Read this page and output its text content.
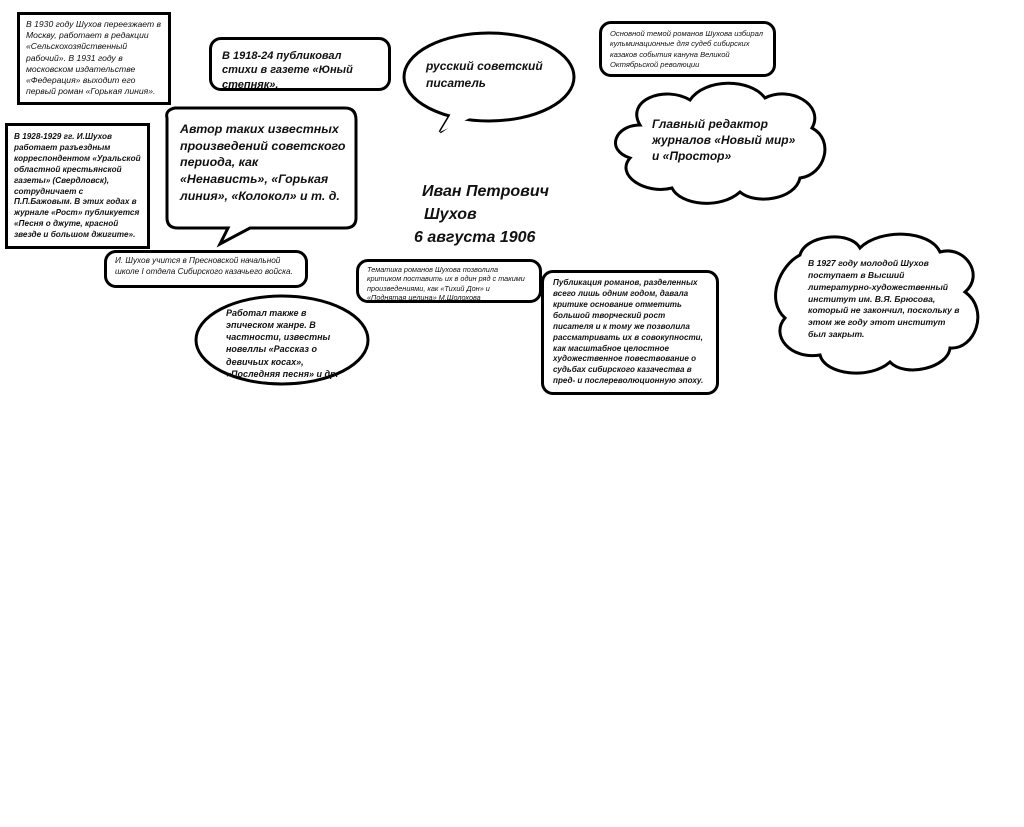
В 1930 году Шухов переезжает в Москву, работает в редакции «Сельскохозяйственный рабочий». В 1931 году в московском издательстве «Федерация» выходит его первый роман «Горькая линия».
В 1918-24 публиковал стихи в газете «Юный степняк».
Основной темой романов Шухова избирал кульминационные для судеб сибирских казаков события кануна Великой Октябрьской революции
В 1928-1929 гг. И.Шухов работает разъездным корреспондентом «Уральской областной крестьянской газеты» (Свердловск), сотрудничает с П.П.Бажовым. В этих годах в журнале «Рост» публикуется «Песня о джуте, красной звезде и большом джигите».
И. Шухов учится в Пресновской начальной школе I отдела Сибирского казачьего войска.	Тематика романов Шухова позволила критиком поставить их в один ряд с такими произведениями, как «Тихий Дон» и «Поднятая целина» М.Шолохова
Публикация романов, разделенных всего лишь одним годом, давала критике основание отметить большой творческий рост писателя и к тому же позволила рассматривать их в совокупности, как масштабное целостное художественное повествование о судьбах сибирского казачества в пред- и послереволюционную эпоху.
русский советский писатель
Автор таких известных произведений советского периода, как «Ненависть», «Горькая линия», «Колокол» и т. д.
Главный редактор журналов «Новый мир» и «Простор»
Работал также в эпическом жанре. В частности, известны новеллы «Рассказ о девичьих косах», «Последняя песня» и др.
В 1927 году молодой Шухов поступает в Высший литературно-художественный институт им. В.Я. Брюсова, который не закончил, поскольку в этом же году этот институт был закрыт.
Иван Петрович
Шухов
6 августа 1906
